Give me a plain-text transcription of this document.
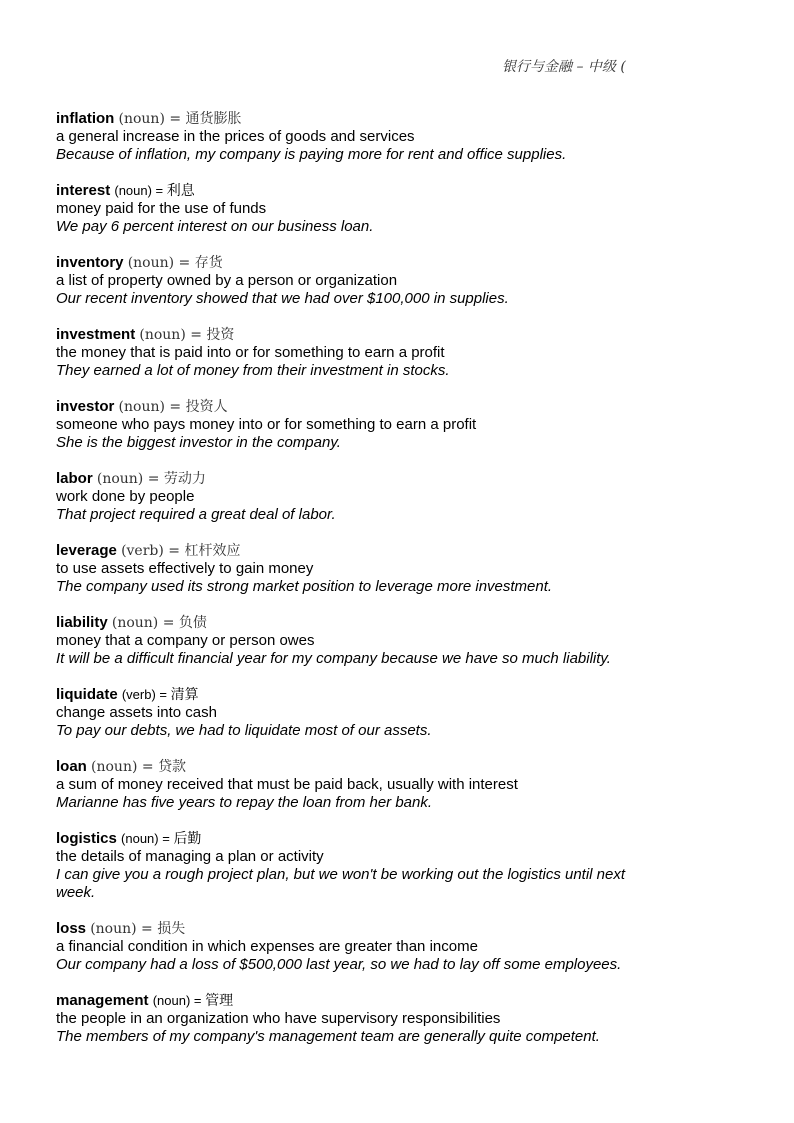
银行与金融 – 中级 (
inflation (noun) = 通货膨胀
a general increase in the prices of goods and services
Because of inflation, my company is paying more for rent and office supplies.
interest (noun) = 利息
money paid for the use of funds
We pay 6 percent interest on our business loan.
inventory (noun) = 存货
a list of property owned by a person or organization
Our recent inventory showed that we had over $100,000 in supplies.
investment (noun) = 投资
the money that is paid into or for something to earn a profit
They earned a lot of money from their investment in stocks.
investor (noun) = 投资人
someone who pays money into or for something to earn a profit
She is the biggest investor in the company.
labor (noun) = 劳动力
work done by people
That project required a great deal of labor.
leverage (verb) = 杠杆效应
to use assets effectively to gain money
The company used its strong market position to leverage more investment.
liability (noun) = 负债
money that a company or person owes
It will be a difficult financial year for my company because we have so much liability.
liquidate (verb) = 清算
change assets into cash
To pay our debts, we had to liquidate most of our assets.
loan (noun) = 贷款
a sum of money received that must be paid back, usually with interest
Marianne has five years to repay the loan from her bank.
logistics (noun) = 后勤
the details of managing a plan or activity
I can give you a rough project plan, but we won't be working out the logistics until next week.
loss (noun) = 损失
a financial condition in which expenses are greater than income
Our company had a loss of $500,000 last year, so we had to lay off some employees.
management (noun) = 管理
the people in an organization who have supervisory responsibilities
The members of my company's management team are generally quite competent.
